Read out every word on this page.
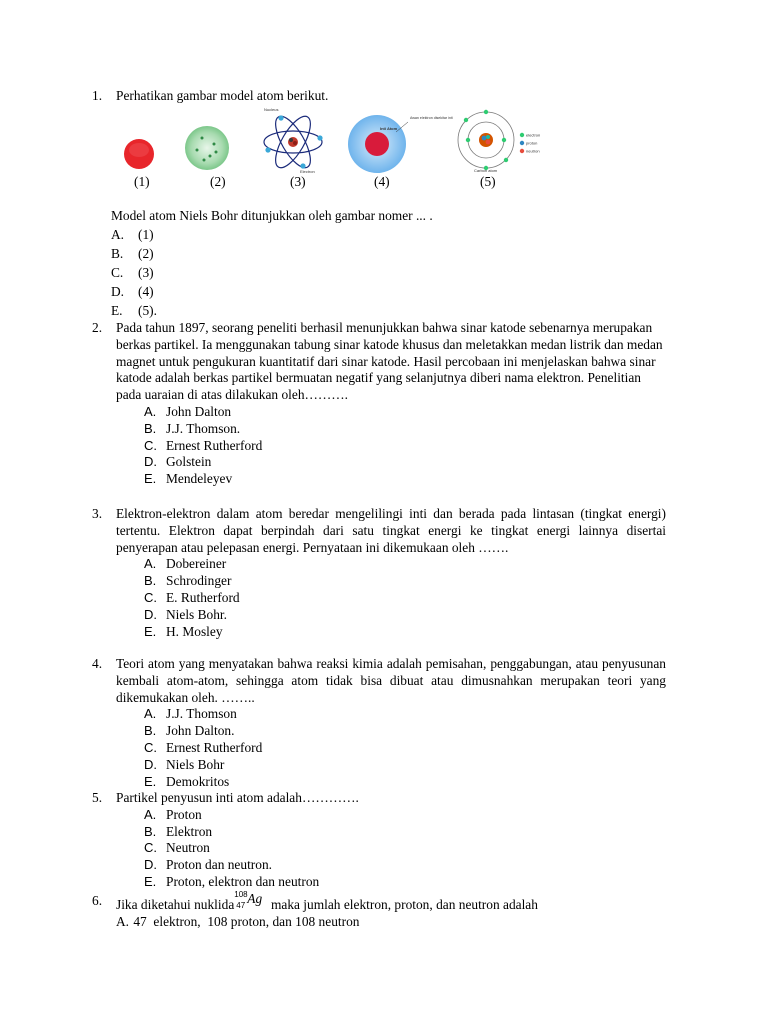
1.	Perhatikan gambar model atom berikut.
Nucleus
Electron
Inti Atom
Awan elektron disekitar inti
electron
proton
neutron
Carbon atom
(1)	(2)	(3)	(4)	(5)
Model atom Niels Bohr ditunjukkan oleh gambar nomer ... .
A.	(1)
B.	(2)
C.	(3)
D.	(4)
E.	(5).
2.	Pada tahun 1897, seorang peneliti berhasil menunjukkan bahwa sinar katode sebenarnya merupakan berkas partikel. Ia menggunakan tabung sinar katode khusus dan meletakkan medan listrik dan medan magnet untuk pengukuran kuantitatif dari sinar katode. Hasil percobaan ini menjelaskan bahwa sinar katode adalah berkas partikel bermuatan negatif yang selanjutnya diberi nama elektron. Penelitian pada uaraian di atas dilakukan oleh……….
A. John Dalton
B. J.J. Thomson.
C. Ernest Rutherford
D. Golstein
E. Mendeleyev
3.	Elektron-elektron dalam atom beredar mengelilingi inti dan berada pada lintasan (tingkat energi) tertentu. Elektron dapat berpindah dari satu tingkat energi ke tingkat energi lainnya disertai penyerapan atau pelepasan energi. Pernyataan ini dikemukaan oleh …….
A. Dobereiner
B. Schrodinger
C. E. Rutherford
D. Niels Bohr.
E. H. Mosley
4.	Teori atom yang menyatakan bahwa reaksi kimia adalah pemisahan, penggabungan, atau penyusunan kembali atom-atom, sehingga atom tidak bisa dibuat atau dimusnahkan merupakan teori yang dikemukakan oleh. ……..
A. J.J. Thomson
B. John Dalton.
C. Ernest Rutherford
D. Niels Bohr
E. Demokritos
5.	Partikel penyusun inti atom adalah………….
A. Proton
B. Elektron
C. Neutron
D. Proton dan neutron.
E. Proton, elektron dan neutron
6.	Jika diketahui nuklida
108
47 Ag maka jumlah elektron, proton, dan neutron adalah
A. 47  elektron,  108 proton, dan 108 neutron
